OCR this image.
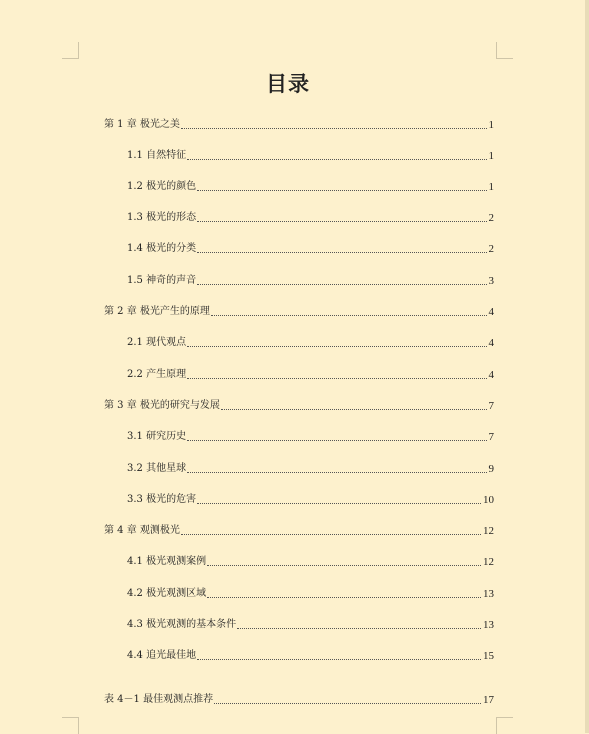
目录
第 1 章 极光之美	1
1.1 自然特征	1
1.2 极光的颜色	1
1.3 极光的形态	2
1.4 极光的分类	2
1.5 神奇的声音	3
第 2 章 极光产生的原理	4
2.1 现代观点	4
2.2 产生原理	4
第 3 章 极光的研究与发展	7
3.1 研究历史	7
3.2 其他星球	9
3.3 极光的危害	10
第 4 章 观测极光	12
4.1 极光观测案例	12
4.2 极光观测区域	13
4.3 极光观测的基本条件	13
4.4 追光最佳地	15
表 4－1 最佳观测点推荐	17
